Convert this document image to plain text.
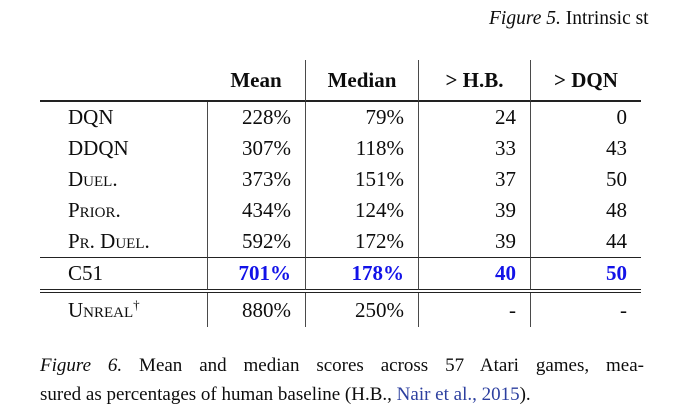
Figure 5. Intrinsic st
	Mean	Median	> H.B.	> DQN
DQN	228%	79%	24	0
DDQN	307%	118%	33	43
Duel.	373%	151%	37	50
Prior.	434%	124%	39	48
Pr. Duel.	592%	172%	39	44
C51	701%	178%	40	50

Unreal†	880%	250%	-	-
Figure 6. Mean and median scores across 57 Atari games, mea-
sured as percentages of human baseline (H.B., Nair et al., 2015).
